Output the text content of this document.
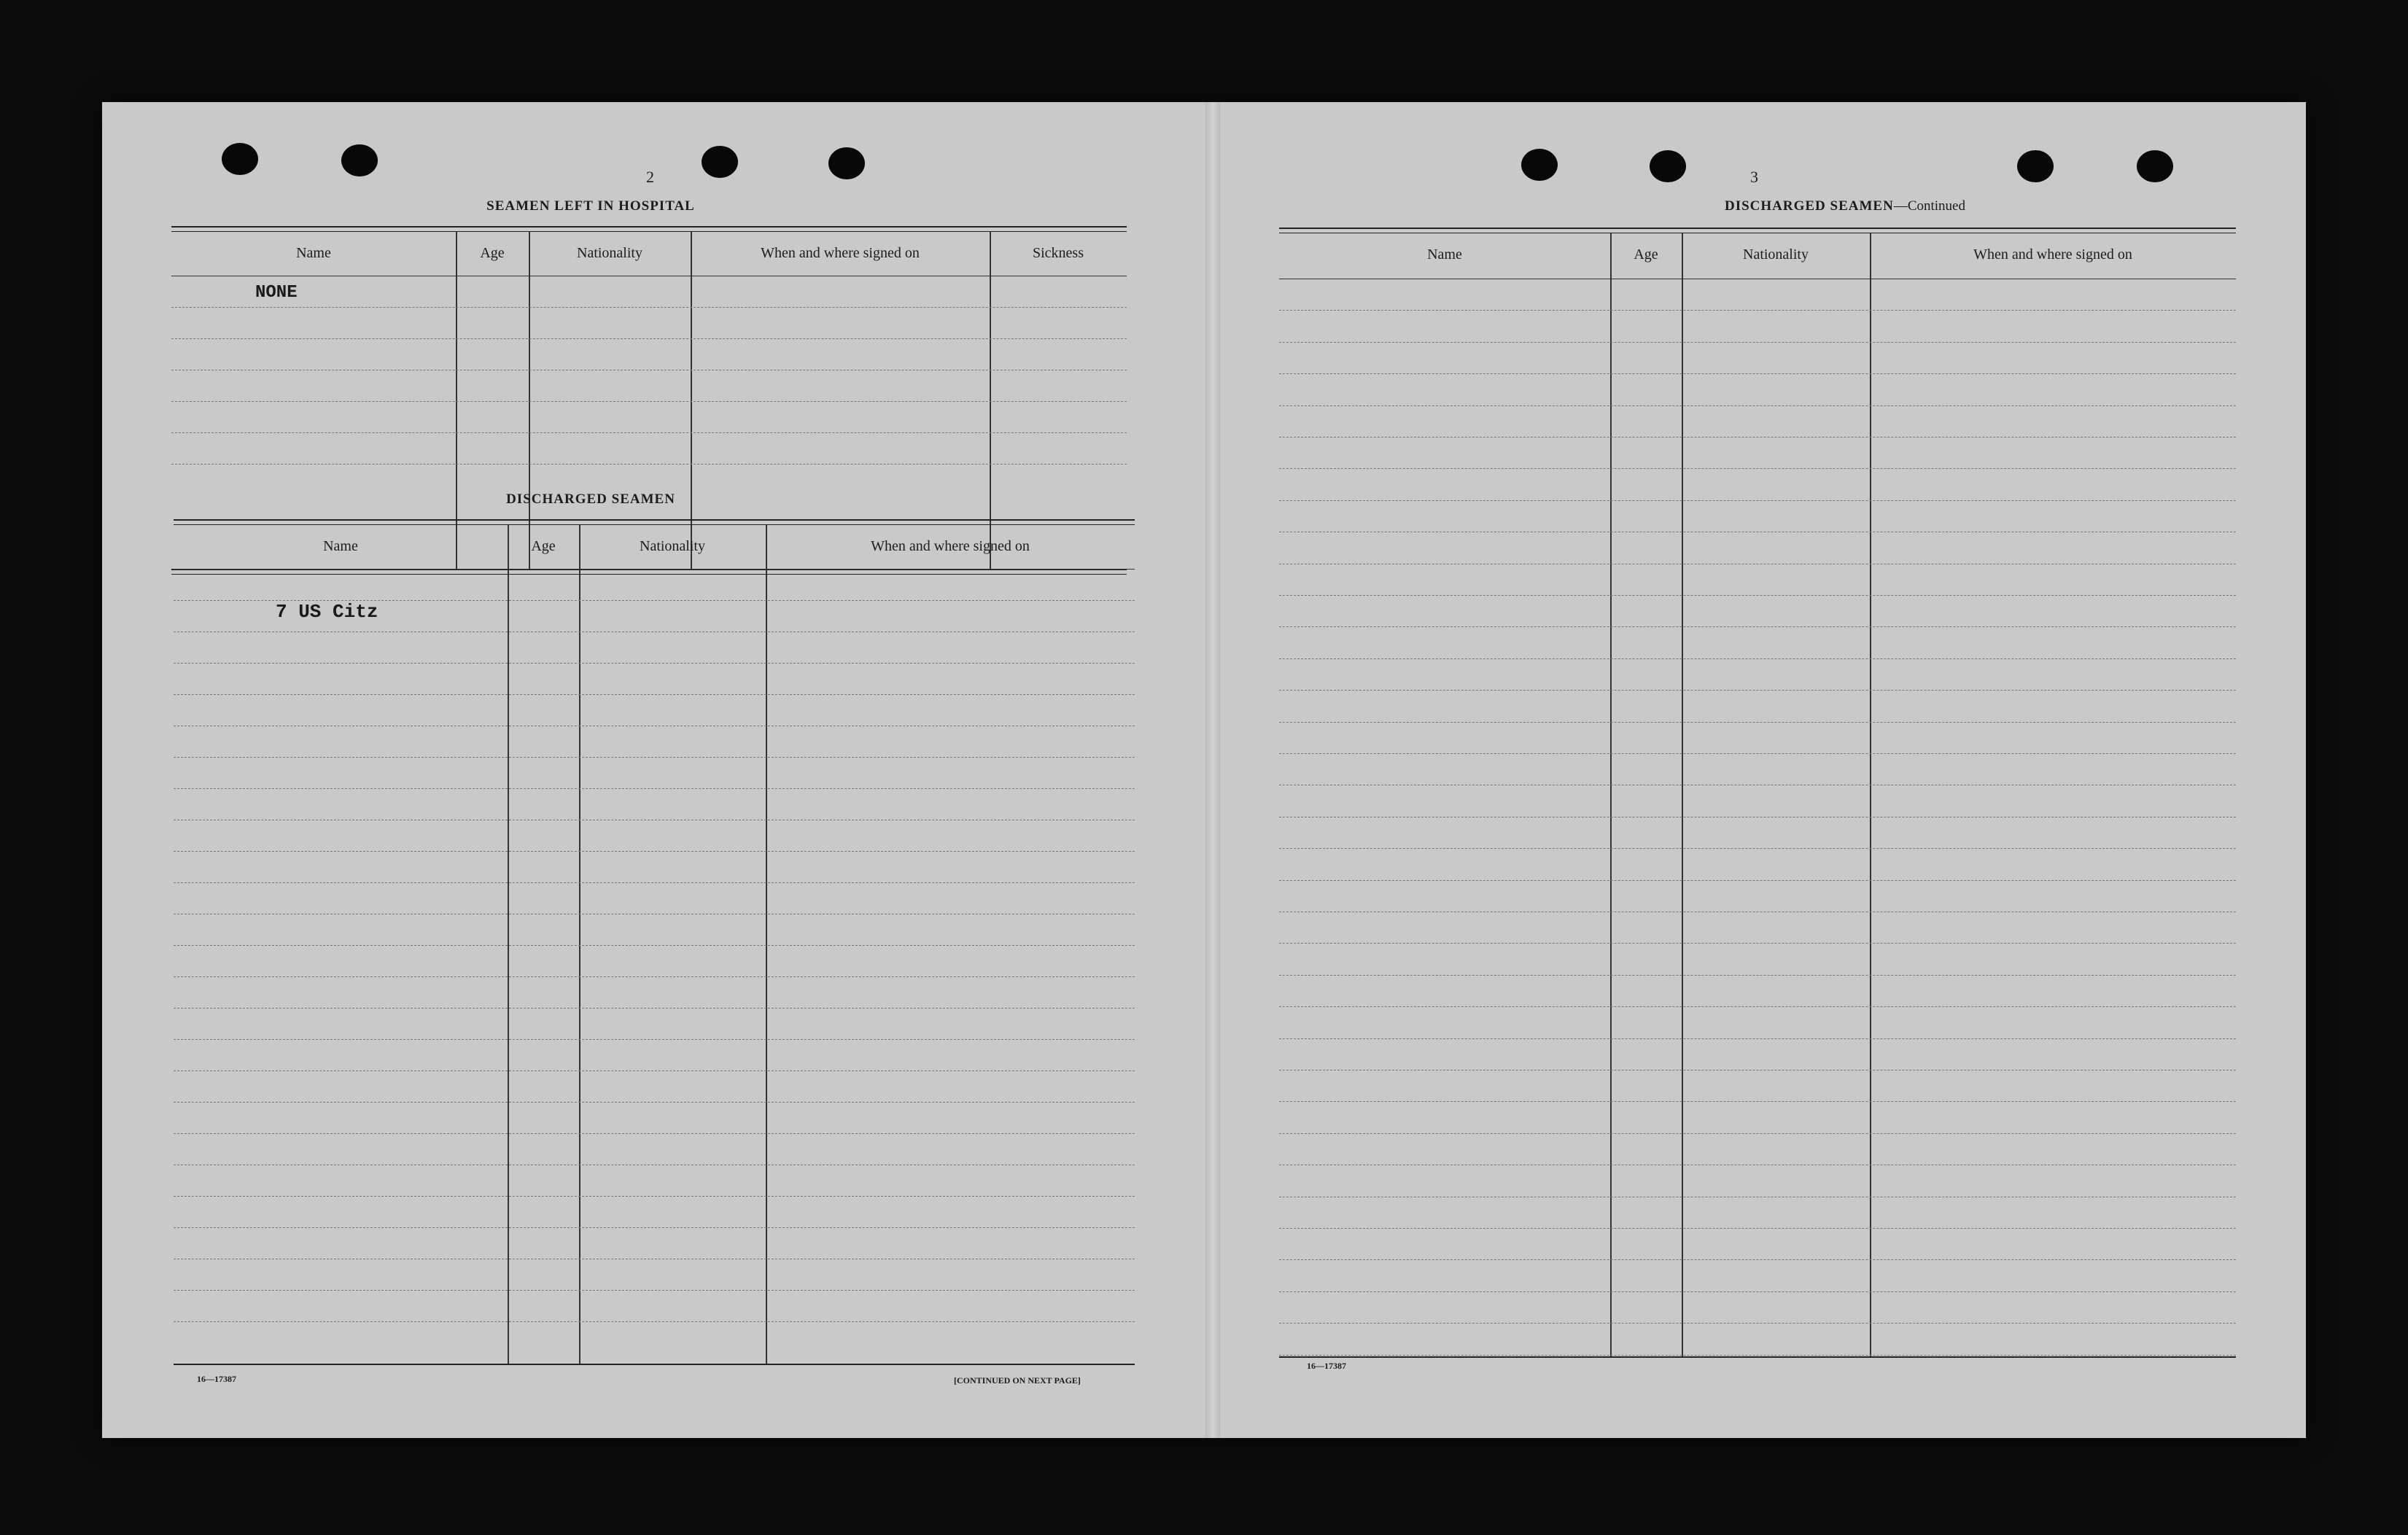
2
SEAMEN LEFT IN HOSPITAL
Name	Age	Nationality	When and where signed on	Sickness
NONE
DISCHARGED SEAMEN
Name	Age	Nationality	When and where signed on
7 US Citz
16—17387	[CONTINUED ON NEXT PAGE]
3
DISCHARGED SEAMEN—Continued
Name	Age	Nationality	When and where signed on
16—17387
